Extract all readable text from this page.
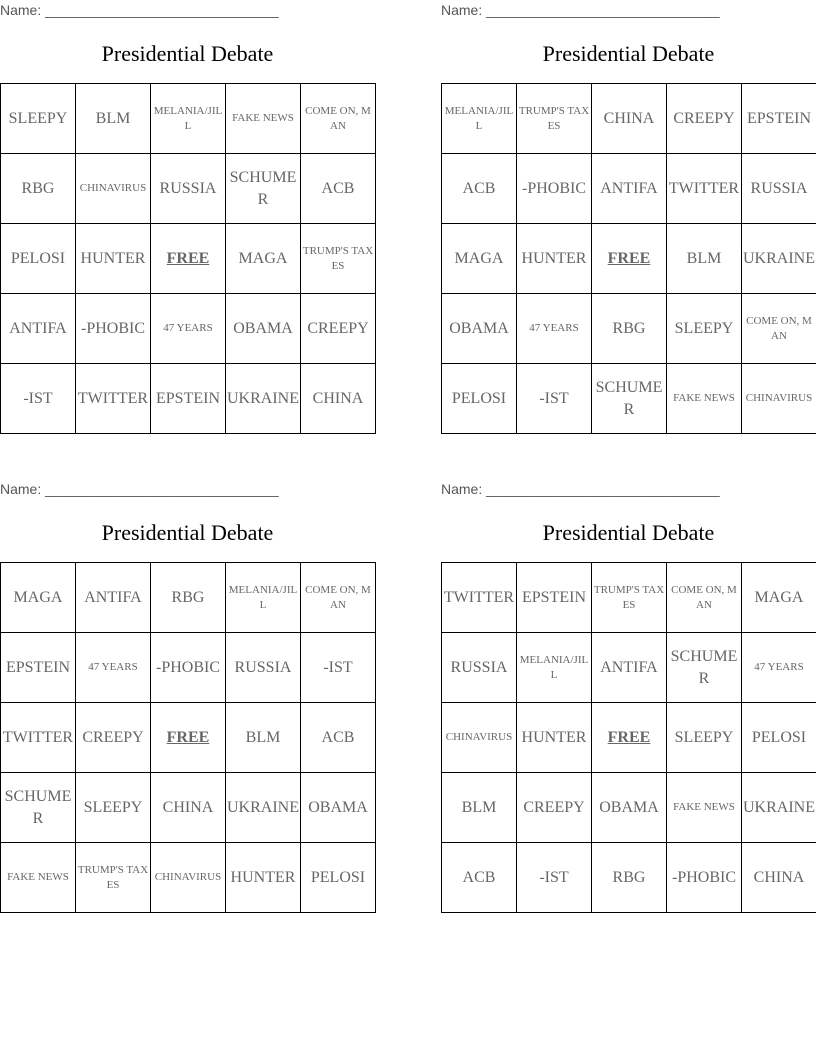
Name: ______________________________
Presidential Debate
SLEEPY	BLM	MELANIA/JILL	FAKE NEWS	COME ON, MAN
RBG	CHINAVIRUS	RUSSIA	SCHUMER	ACB
PELOSI	HUNTER	FREE	MAGA	TRUMP'S TAXES
ANTIFA	-PHOBIC	47 YEARS	OBAMA	CREEPY
-IST	TWITTER	EPSTEIN	UKRAINE	CHINA
Name: ______________________________
Presidential Debate
MELANIA/JILL	TRUMP'S TAXES	CHINA	CREEPY	EPSTEIN
ACB	-PHOBIC	ANTIFA	TWITTER	RUSSIA
MAGA	HUNTER	FREE	BLM	UKRAINE
OBAMA	47 YEARS	RBG	SLEEPY	COME ON, MAN
PELOSI	-IST	SCHUMER	FAKE NEWS	CHINAVIRUS
Name: ______________________________
Presidential Debate
MAGA	ANTIFA	RBG	MELANIA/JILL	COME ON, MAN
EPSTEIN	47 YEARS	-PHOBIC	RUSSIA	-IST
TWITTER	CREEPY	FREE	BLM	ACB
SCHUMER	SLEEPY	CHINA	UKRAINE	OBAMA
FAKE NEWS	TRUMP'S TAXES	CHINAVIRUS	HUNTER	PELOSI
Name: ______________________________
Presidential Debate
TWITTER	EPSTEIN	TRUMP'S TAXES	COME ON, MAN	MAGA
RUSSIA	MELANIA/JILL	ANTIFA	SCHUMER	47 YEARS
CHINAVIRUS	HUNTER	FREE	SLEEPY	PELOSI
BLM	CREEPY	OBAMA	FAKE NEWS	UKRAINE
ACB	-IST	RBG	-PHOBIC	CHINA
